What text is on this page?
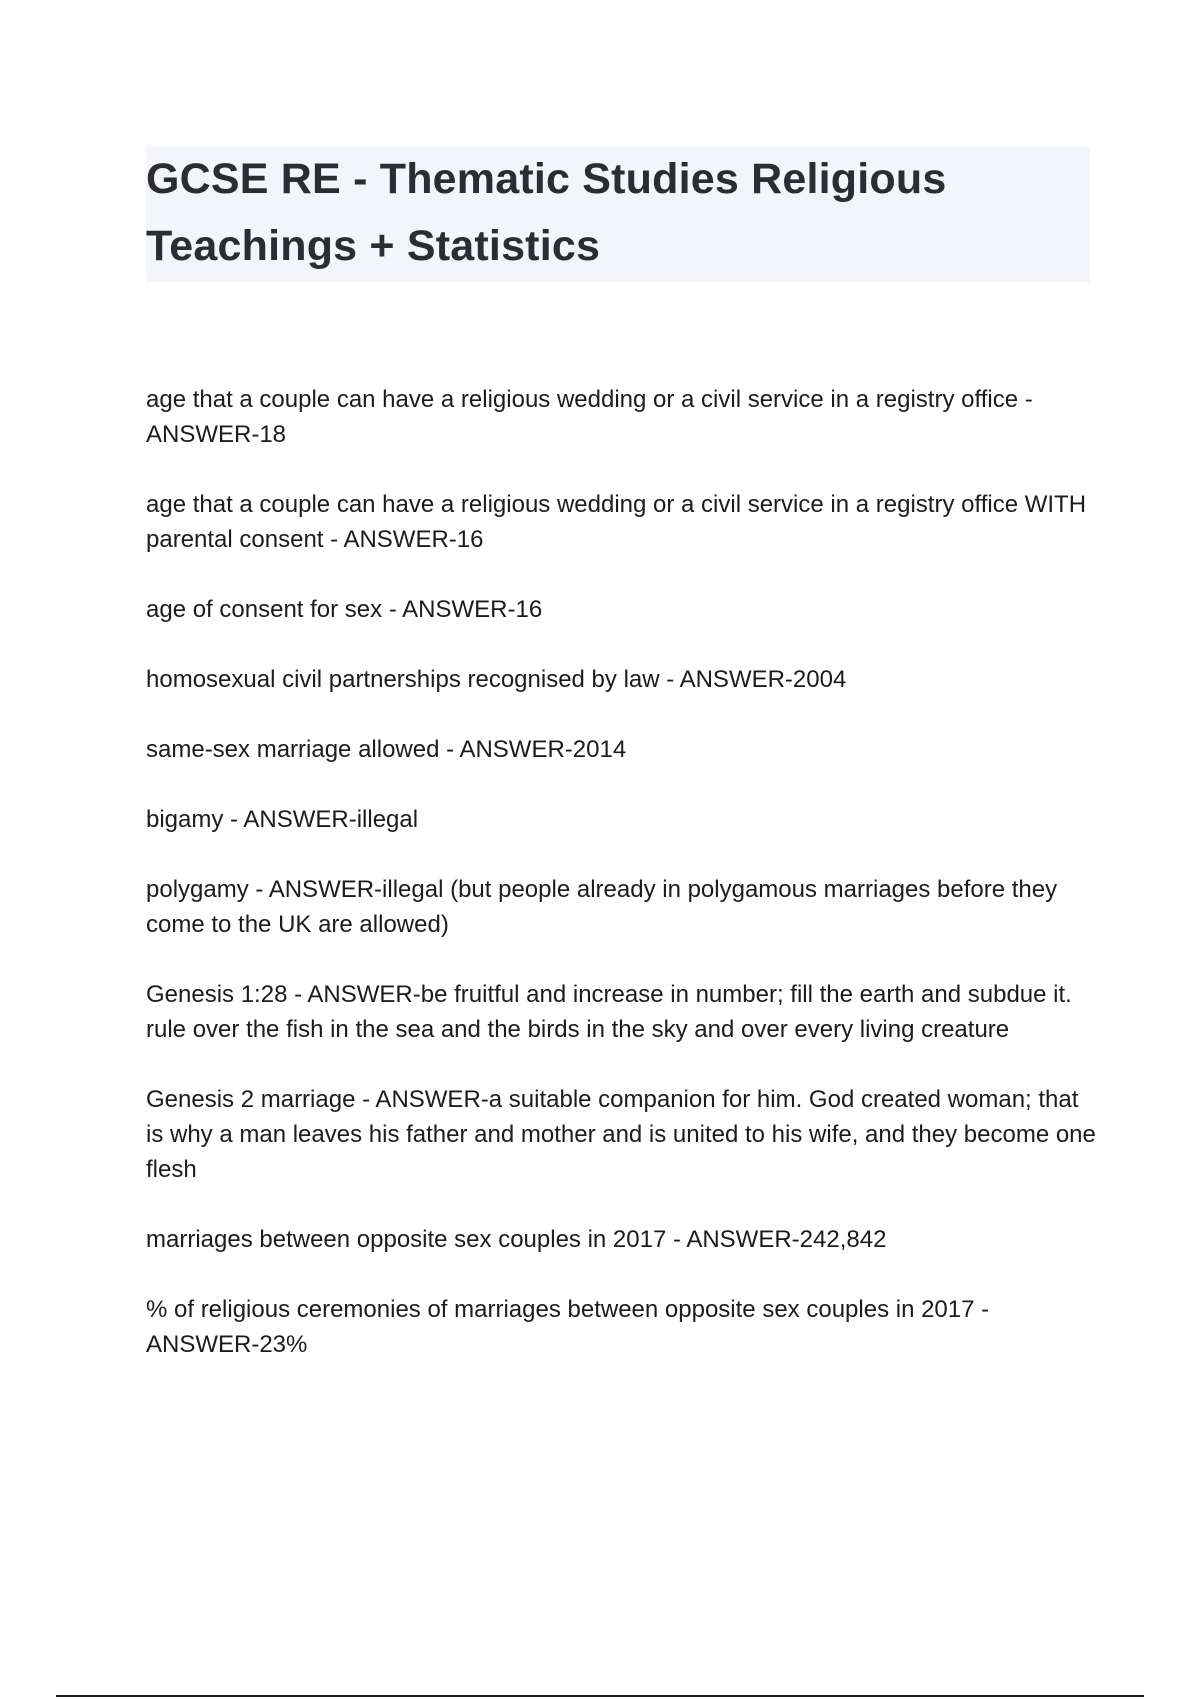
GCSE RE - Thematic Studies Religious Teachings + Statistics
age that a couple can have a religious wedding or a civil service in a registry office - ANSWER-18
age that a couple can have a religious wedding or a civil service in a registry office WITH parental consent - ANSWER-16
age of consent for sex - ANSWER-16
homosexual civil partnerships recognised by law - ANSWER-2004
same-sex marriage allowed - ANSWER-2014
bigamy - ANSWER-illegal
polygamy - ANSWER-illegal (but people already in polygamous marriages before they come to the UK are allowed)
Genesis 1:28 - ANSWER-be fruitful and increase in number; fill the earth and subdue it. rule over the fish in the sea and the birds in the sky and over every living creature
Genesis 2 marriage - ANSWER-a suitable companion for him. God created woman; that is why a man leaves his father and mother and is united to his wife, and they become one flesh
marriages between opposite sex couples in 2017 - ANSWER-242,842
% of religious ceremonies of marriages between opposite sex couples in 2017 - ANSWER-23%
